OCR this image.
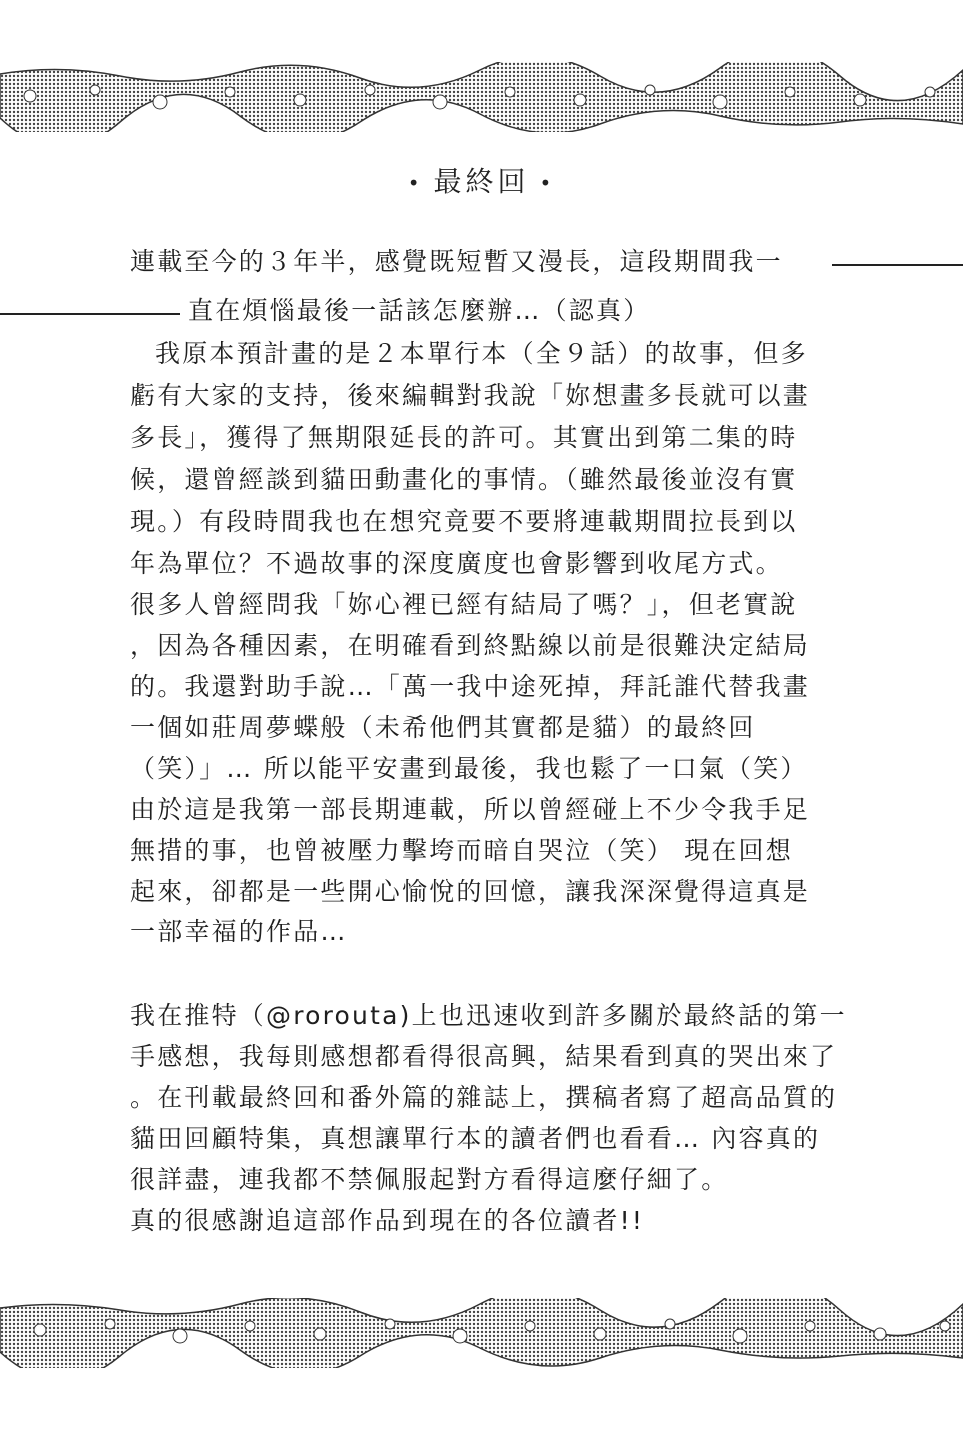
• 最終回 •
連載至今的３年半，感覺既短暫又漫長，這段期間我一
直在煩惱最後一話該怎麼辦…（認真）
我原本預計畫的是２本單行本（全９話）的故事，但多
虧有大家的支持，後來編輯對我說「妳想畫多長就可以畫
多長」，獲得了無期限延長的許可。其實出到第二集的時
候，還曾經談到貓田動畫化的事情。（雖然最後並沒有實
現。）有段時間我也在想究竟要不要將連載期間拉長到以
年為單位？不過故事的深度廣度也會影響到收尾方式。
很多人曾經問我「妳心裡已經有結局了嗎？」，但老實說
，因為各種因素，在明確看到終點線以前是很難決定結局
的。我還對助手說…「萬一我中途死掉，拜託誰代替我畫
一個如莊周夢蝶般（未希他們其實都是貓）的最終回
（笑）」… 所以能平安畫到最後，我也鬆了一口氣（笑）
由於這是我第一部長期連載，所以曾經碰上不少令我手足
無措的事，也曾被壓力擊垮而暗自哭泣（笑） 現在回想
起來，卻都是一些開心愉悅的回憶，讓我深深覺得這真是
一部幸福的作品…
我在推特（@rorouta)上也迅速收到許多關於最終話的第一
手感想，我每則感想都看得很高興，結果看到真的哭出來了
。在刊載最終回和番外篇的雜誌上，撰稿者寫了超高品質的
貓田回顧特集，真想讓單行本的讀者們也看看… 內容真的
很詳盡，連我都不禁佩服起對方看得這麼仔細了。
真的很感謝追這部作品到現在的各位讀者!!
